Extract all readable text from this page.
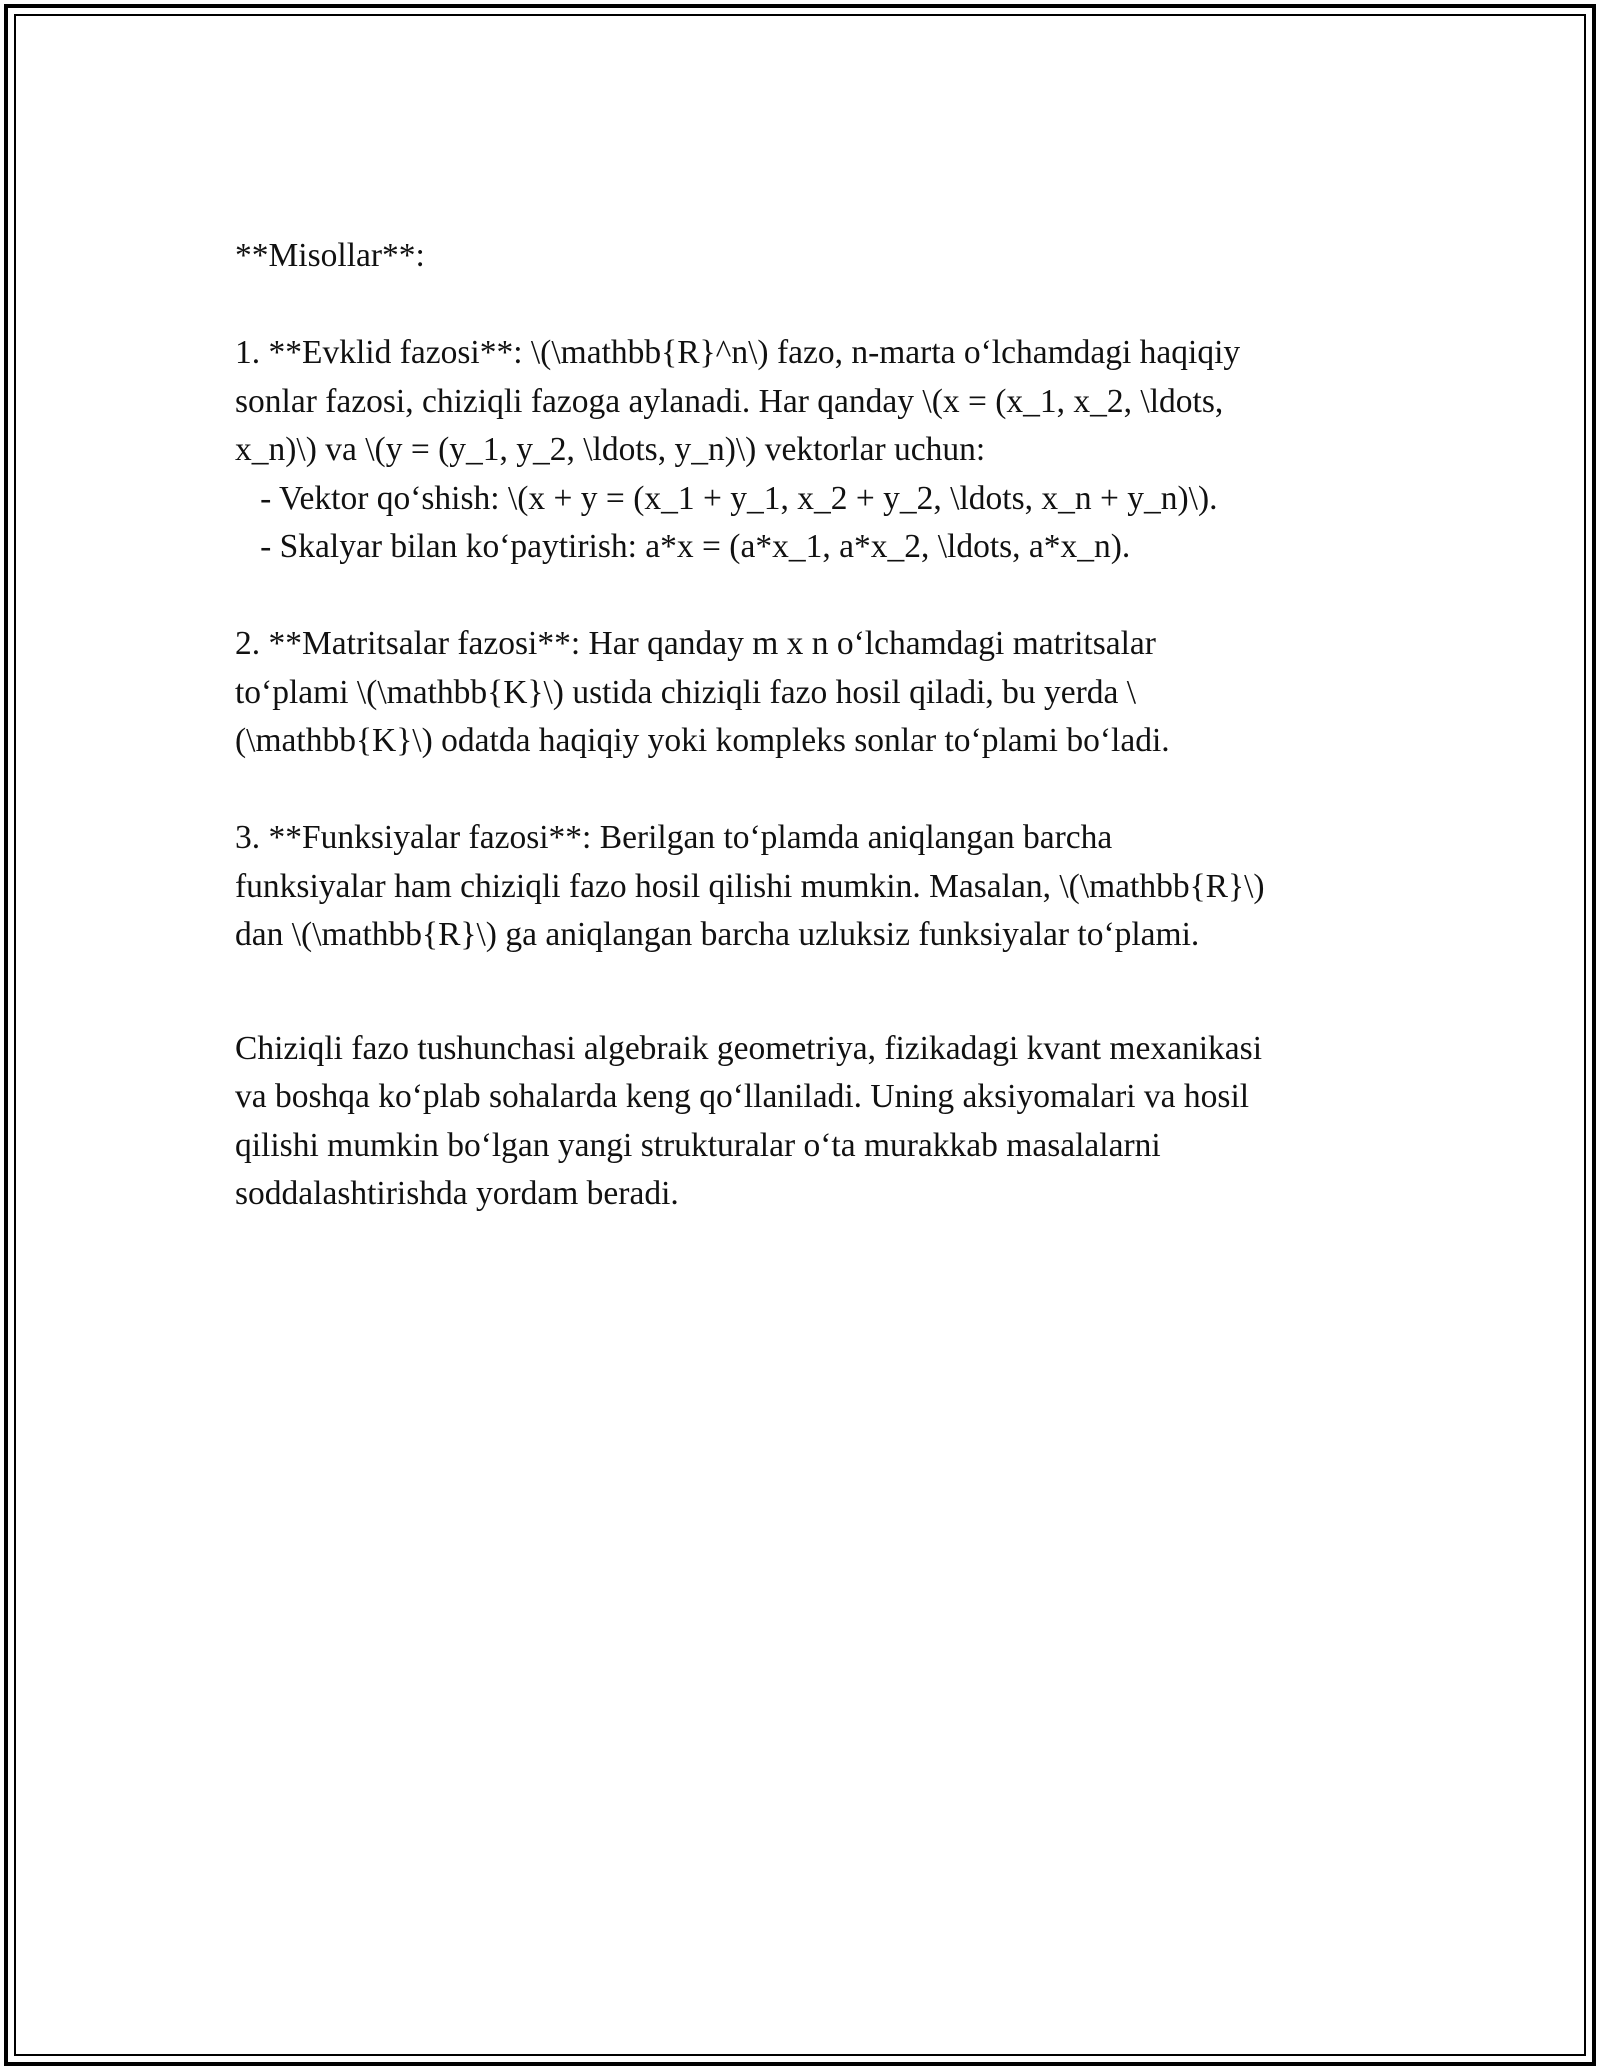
**Misollar**:
1. **Evklid fazosi**: \(\mathbb{R}^n\) fazo, n-marta o‘lchamdagi haqiqiy
sonlar fazosi, chiziqli fazoga aylanadi. Har qanday \(x = (x_1, x_2, \ldots,
x_n)\) va \(y = (y_1, y_2, \ldots, y_n)\) vektorlar uchun:
- Vektor qo‘shish: \(x + y = (x_1 + y_1, x_2 + y_2, \ldots, x_n + y_n)\).
- Skalyar bilan ko‘paytirish: a*x = (a*x_1, a*x_2, \ldots, a*x_n).
2. **Matritsalar fazosi**: Har qanday m x n o‘lchamdagi matritsalar
to‘plami \(\mathbb{K}\) ustida chiziqli fazo hosil qiladi, bu yerda \
(\mathbb{K}\) odatda haqiqiy yoki kompleks sonlar to‘plami bo‘ladi.
3. **Funksiyalar fazosi**: Berilgan to‘plamda aniqlangan barcha
funksiyalar ham chiziqli fazo hosil qilishi mumkin. Masalan, \(\mathbb{R}\)
dan \(\mathbb{R}\) ga aniqlangan barcha uzluksiz funksiyalar to‘plami.
Chiziqli fazo tushunchasi algebraik geometriya, fizikadagi kvant mexanikasi
va boshqa ko‘plab sohalarda keng qo‘llaniladi. Uning aksiyomalari va hosil
qilishi mumkin bo‘lgan yangi strukturalar o‘ta murakkab masalalarni
soddalashtirishda yordam beradi.
